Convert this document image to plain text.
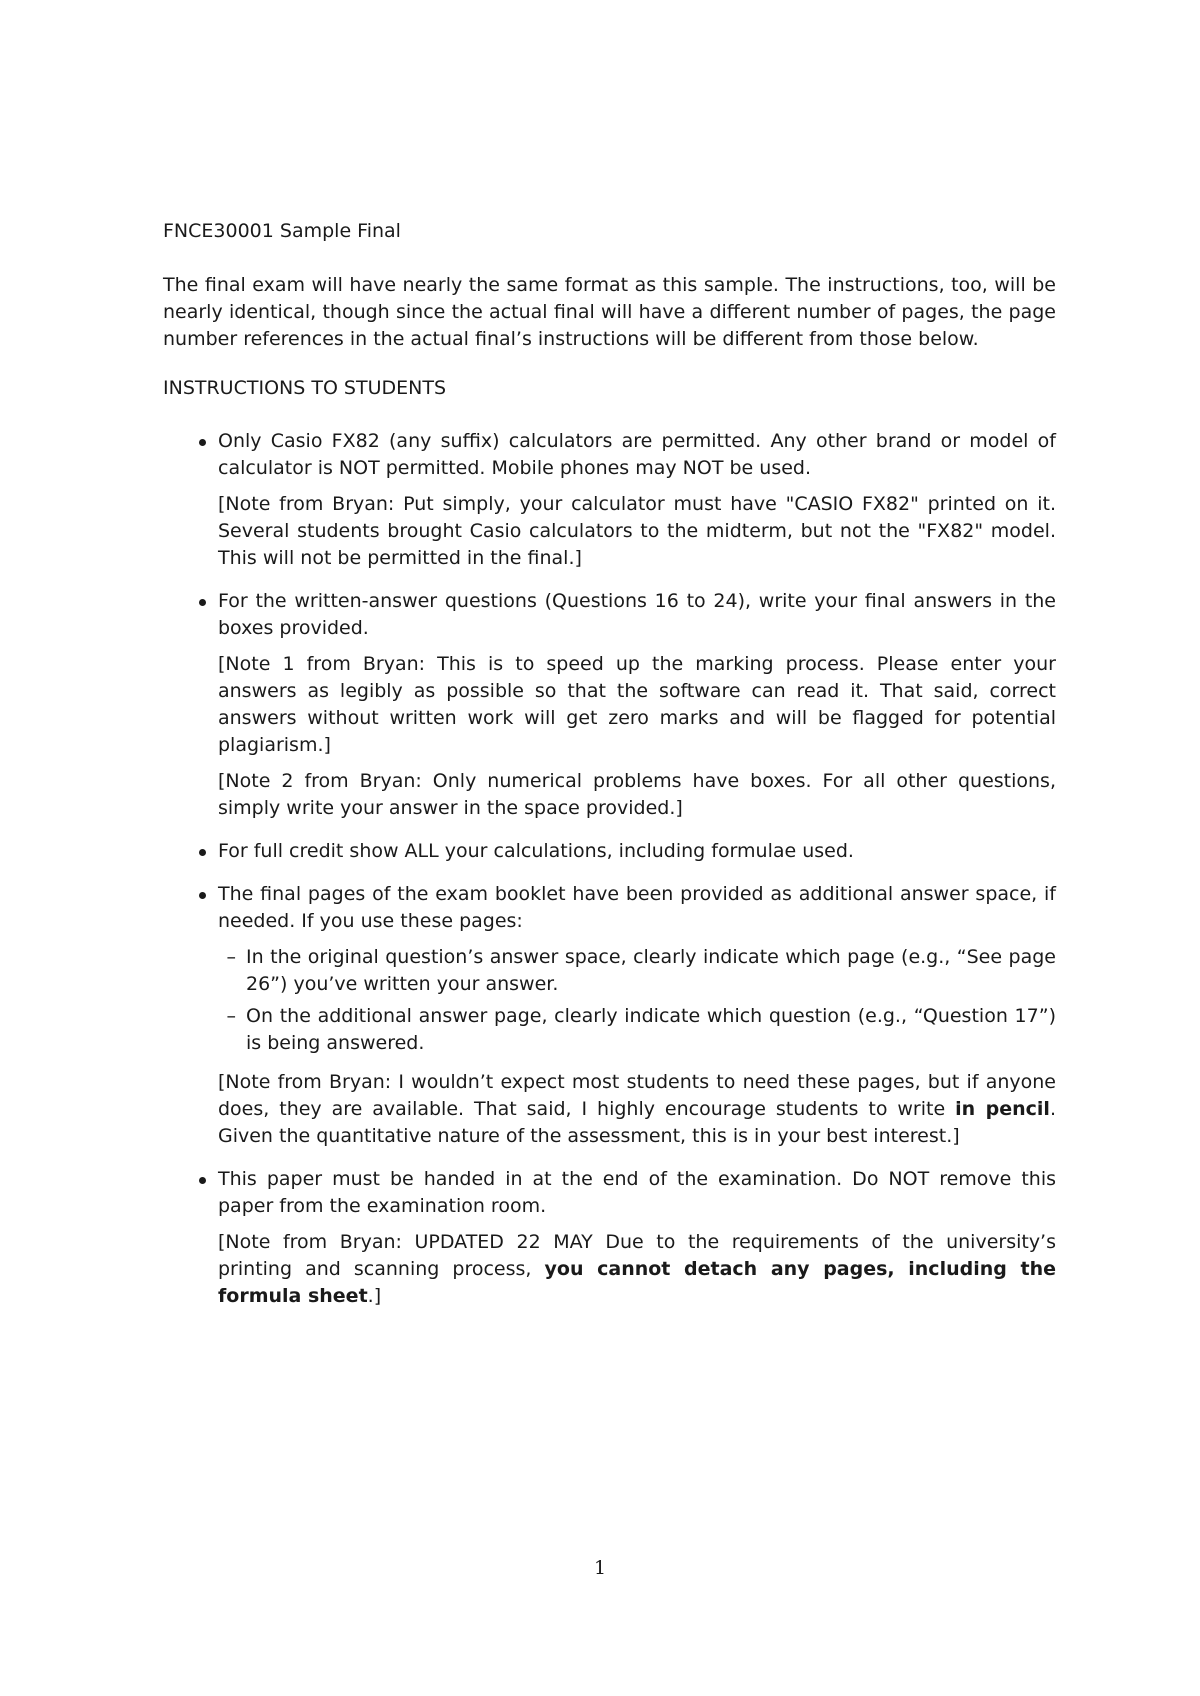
FNCE30001 Sample Final

The final exam will have nearly the same format as this sample. The instructions, too, will be nearly identical, though since the actual final will have a different number of pages, the page number references in the actual final’s instructions will be different from those below.

INSTRUCTIONS TO STUDENTS

Only Casio FX82 (any suffix) calculators are permitted. Any other brand or model of calculator is NOT permitted. Mobile phones may NOT be used.

[Note from Bryan: Put simply, your calculator must have "CASIO FX82" printed on it. Several students brought Casio calculators to the midterm, but not the "FX82" model. This will not be permitted in the final.]

For the written-answer questions (Questions 16 to 24), write your final answers in the boxes provided.

[Note 1 from Bryan: This is to speed up the marking process. Please enter your answers as legibly as possible so that the software can read it. That said, correct answers without written work will get zero marks and will be flagged for potential plagiarism.]

[Note 2 from Bryan: Only numerical problems have boxes. For all other questions, simply write your answer in the space provided.]

For full credit show ALL your calculations, including formulae used.

The final pages of the exam booklet have been provided as additional answer space, if needed. If you use these pages:

– In the original question’s answer space, clearly indicate which page (e.g., “See page 26”) you’ve written your answer.
– On the additional answer page, clearly indicate which question (e.g., “Question 17”) is being answered.

[Note from Bryan: I wouldn’t expect most students to need these pages, but if anyone does, they are available. That said, I highly encourage students to write in pencil. Given the quantitative nature of the assessment, this is in your best interest.]

This paper must be handed in at the end of the examination. Do NOT remove this paper from the examination room.

[Note from Bryan: UPDATED 22 MAY Due to the requirements of the university’s printing and scanning process, you cannot detach any pages, including the formula sheet.]

1
